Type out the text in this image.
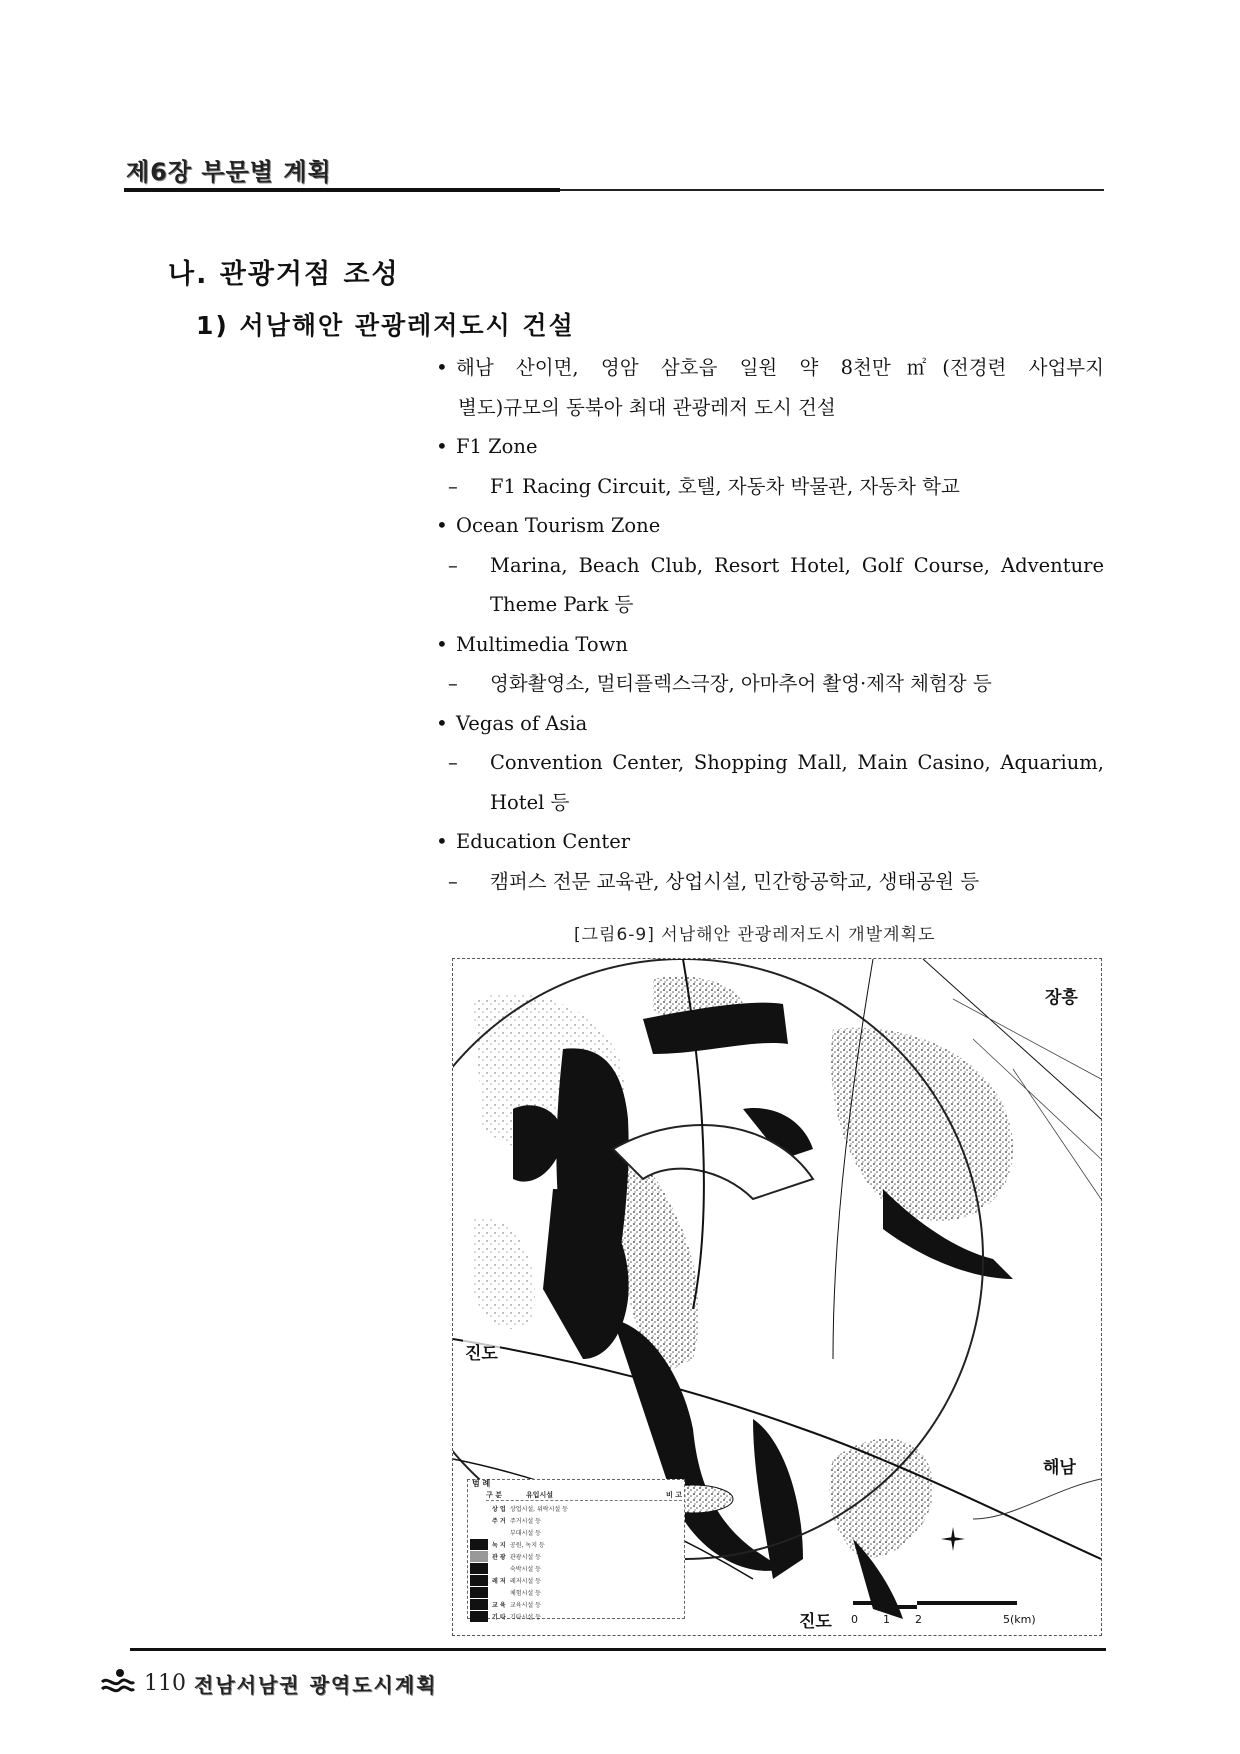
제6장 부문별 계획
나. 관광거점 조성
1) 서남해안 관광레저도시 건설
• 해남 산이면, 영암 삼호읍 일원 약 8천만㎡(전경련 사업부지
별도)규모의 동북아 최대 관광레저 도시 건설
• F1 Zone
– F1 Racing Circuit, 호텔, 자동차 박물관, 자동차 학교
• Ocean Tourism Zone
– Marina, Beach Club, Resort Hotel, Golf Course, Adventure
Theme Park 등
• Multimedia Town
– 영화촬영소, 멀티플렉스극장, 아마추어 촬영·제작 체험장 등
• Vegas of Asia
– Convention Center, Shopping Mall, Main Casino, Aquarium,
Hotel 등
• Education Center
– 캠퍼스 전문 교육관, 상업시설, 민간항공학교, 생태공원 등
[그림6-9] 서남해안 관광레저도시 개발계획도
장흥
진도
해남
진도
범 례
구 분	유입시설	비 고
상 업 상업시설, 위락시설 등
주 거 주거시설 등
부대시설 등
녹 지 공원, 녹지 등
관 광 관광시설 등
숙박시설 등
레 저 레저시설 등
체험시설 등
교 육 교육시설 등
기 타 기타시설 등	0 1 2	5(km)
110 전남서남권 광역도시계획
